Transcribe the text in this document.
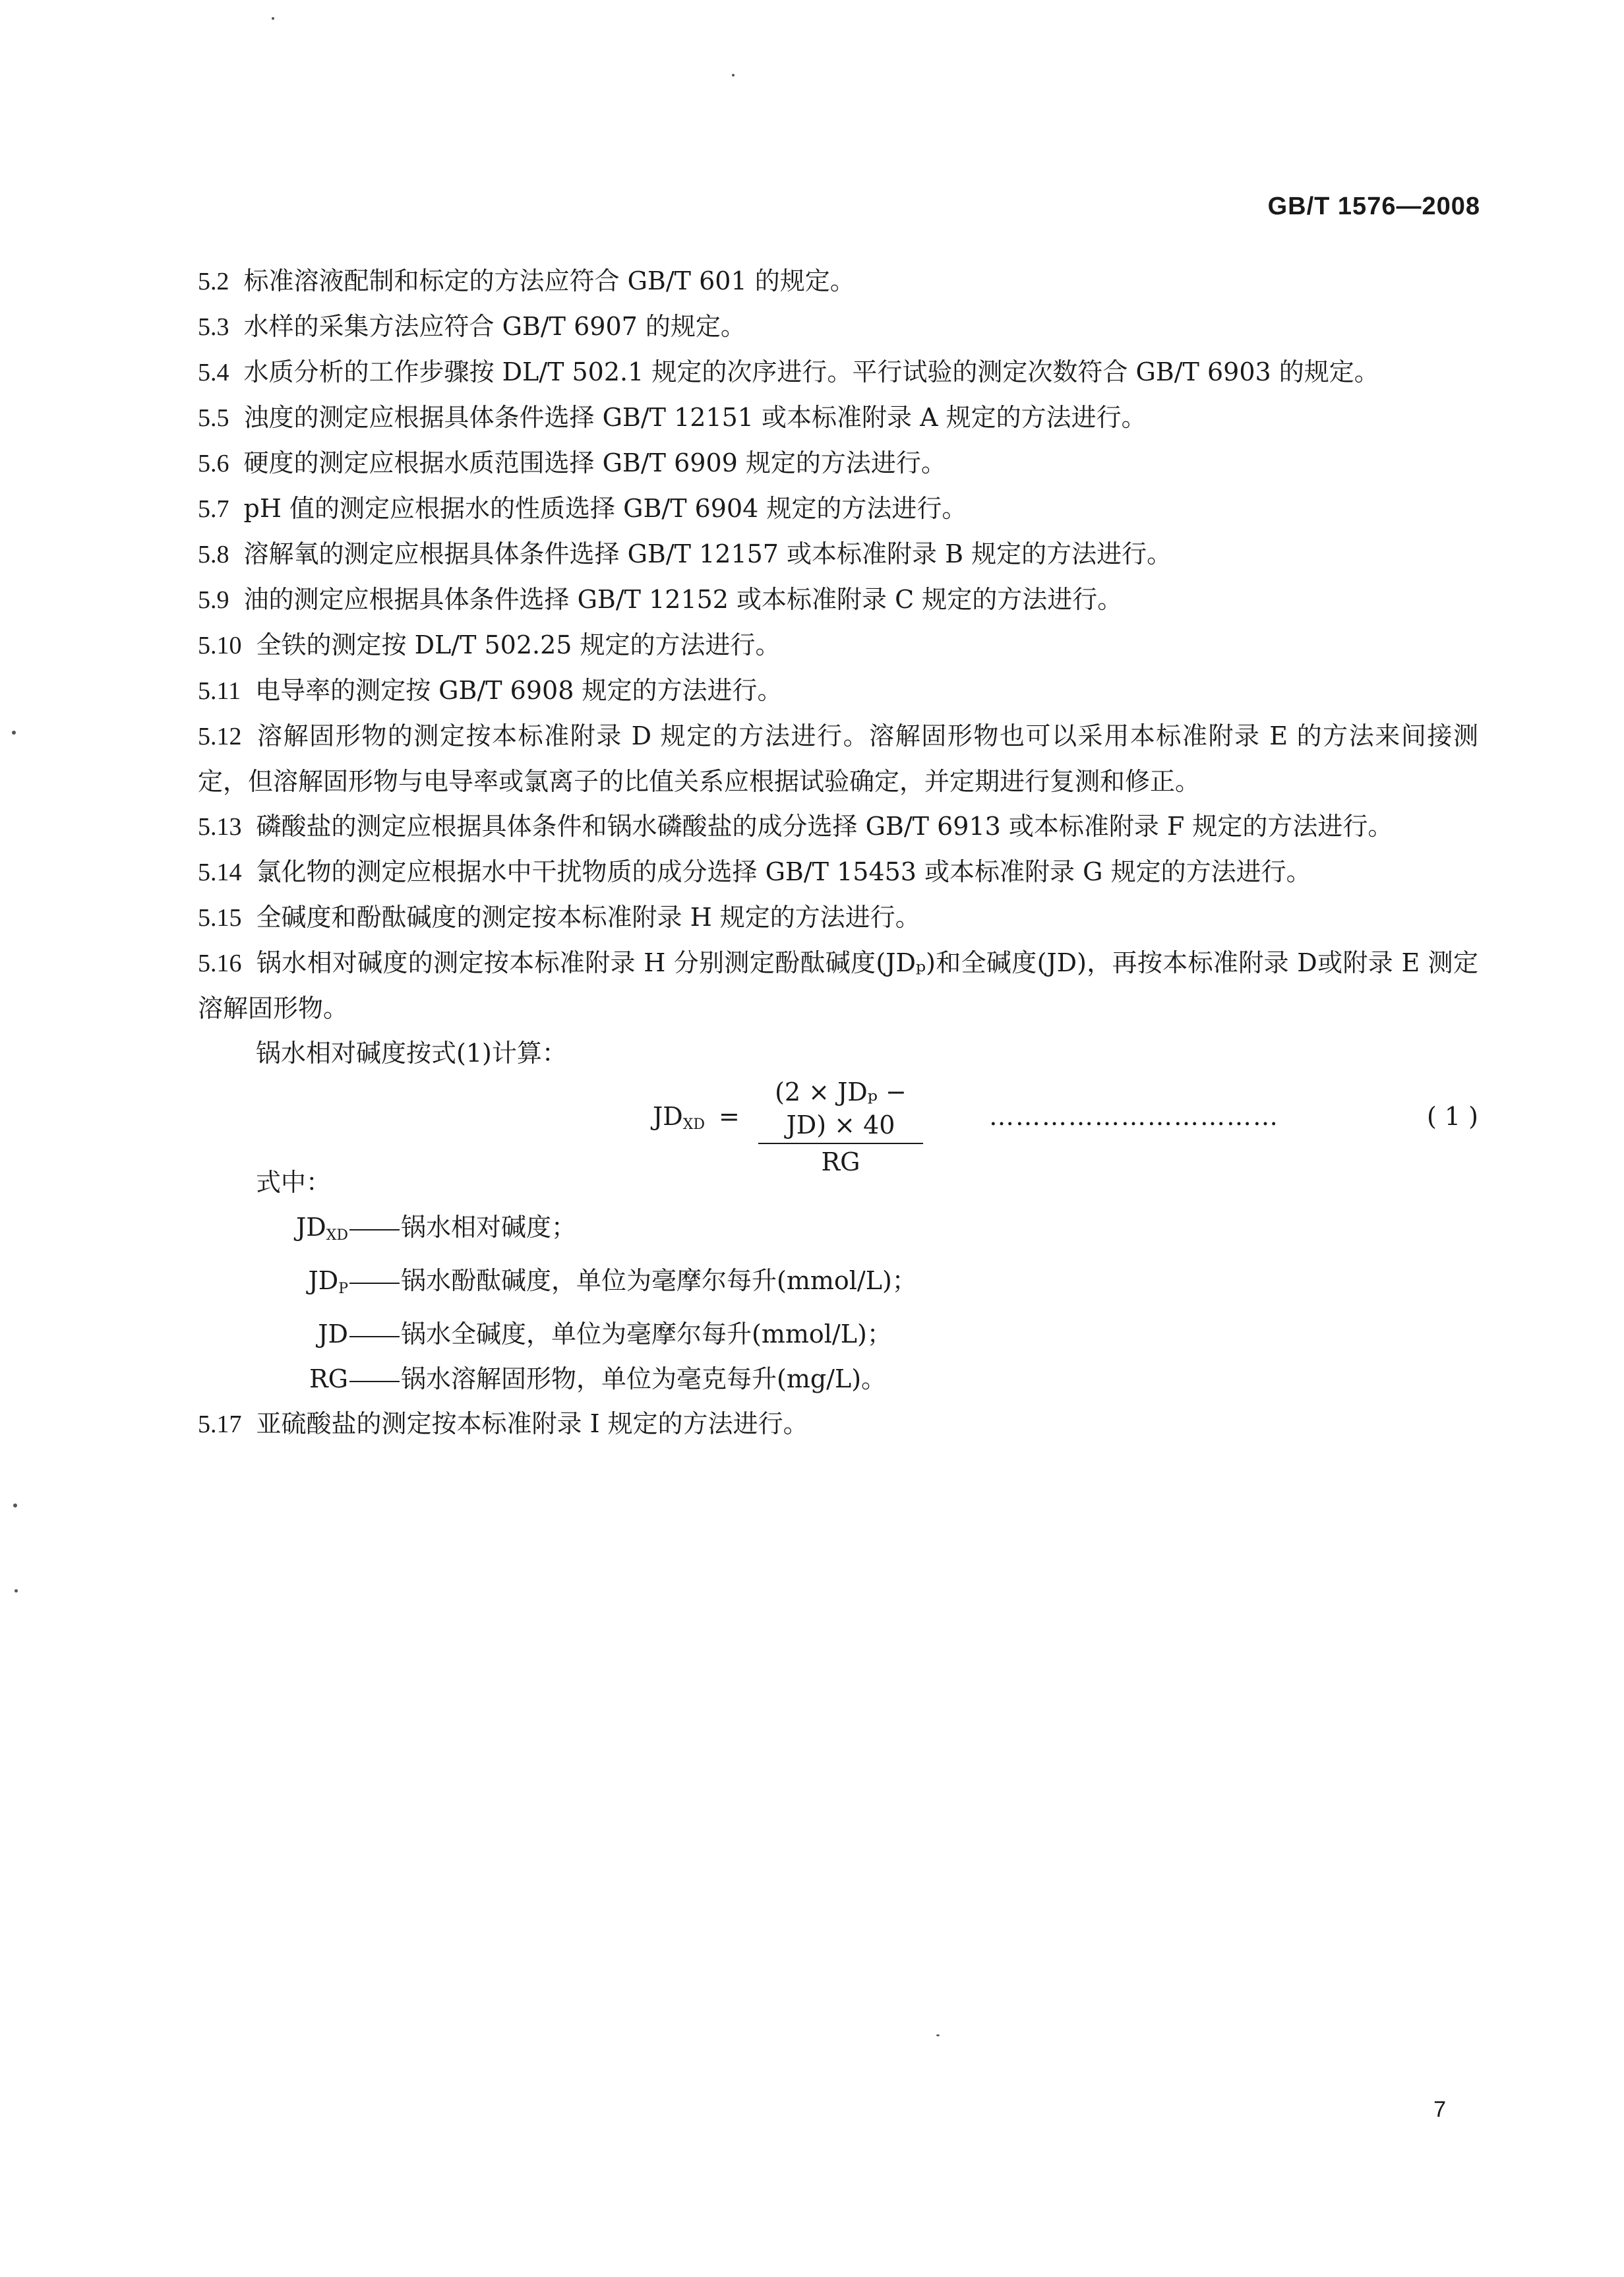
GB/T 1576—2008

5.2 标准溶液配制和标定的方法应符合 GB/T 601 的规定。

5.3 水样的采集方法应符合 GB/T 6907 的规定。

5.4 水质分析的工作步骤按 DL/T 502.1 规定的次序进行。平行试验的测定次数符合 GB/T 6903 的规定。

5.5 浊度的测定应根据具体条件选择 GB/T 12151 或本标准附录 A 规定的方法进行。

5.6 硬度的测定应根据水质范围选择 GB/T 6909 规定的方法进行。

5.7 pH 值的测定应根据水的性质选择 GB/T 6904 规定的方法进行。

5.8 溶解氧的测定应根据具体条件选择 GB/T 12157 或本标准附录 B 规定的方法进行。

5.9 油的测定应根据具体条件选择 GB/T 12152 或本标准附录 C 规定的方法进行。

5.10 全铁的测定按 DL/T 502.25 规定的方法进行。

5.11 电导率的测定按 GB/T 6908 规定的方法进行。

5.12 溶解固形物的测定按本标准附录 D 规定的方法进行。溶解固形物也可以采用本标准附录 E 的方法来间接测定，但溶解固形物与电导率或氯离子的比值关系应根据试验确定，并定期进行复测和修正。

5.13 磷酸盐的测定应根据具体条件和锅水磷酸盐的成分选择 GB/T 6913 或本标准附录 F 规定的方法进行。

5.14 氯化物的测定应根据水中干扰物质的成分选择 GB/T 15453 或本标准附录 G 规定的方法进行。

5.15 全碱度和酚酞碱度的测定按本标准附录 H 规定的方法进行。

5.16 锅水相对碱度的测定按本标准附录 H 分别测定酚酞碱度(JDₚ)和全碱度(JD)，再按本标准附录 D或附录 E 测定溶解固形物。

锅水相对碱度按式(1)计算：

$JD_{XD}$ =
(2 × JDₚ − JD) × 40
RG
……………………………	( 1 )

式中：

$JD_{XD}$ 锅水相对碱度；

$JD_P$ 锅水酚酞碱度，单位为毫摩尔每升(mmol/L)；

JD 锅水全碱度，单位为毫摩尔每升(mmol/L)；

RG 锅水溶解固形物，单位为毫克每升(mg/L)。

5.17 亚硫酸盐的测定按本标准附录 I 规定的方法进行。

7
